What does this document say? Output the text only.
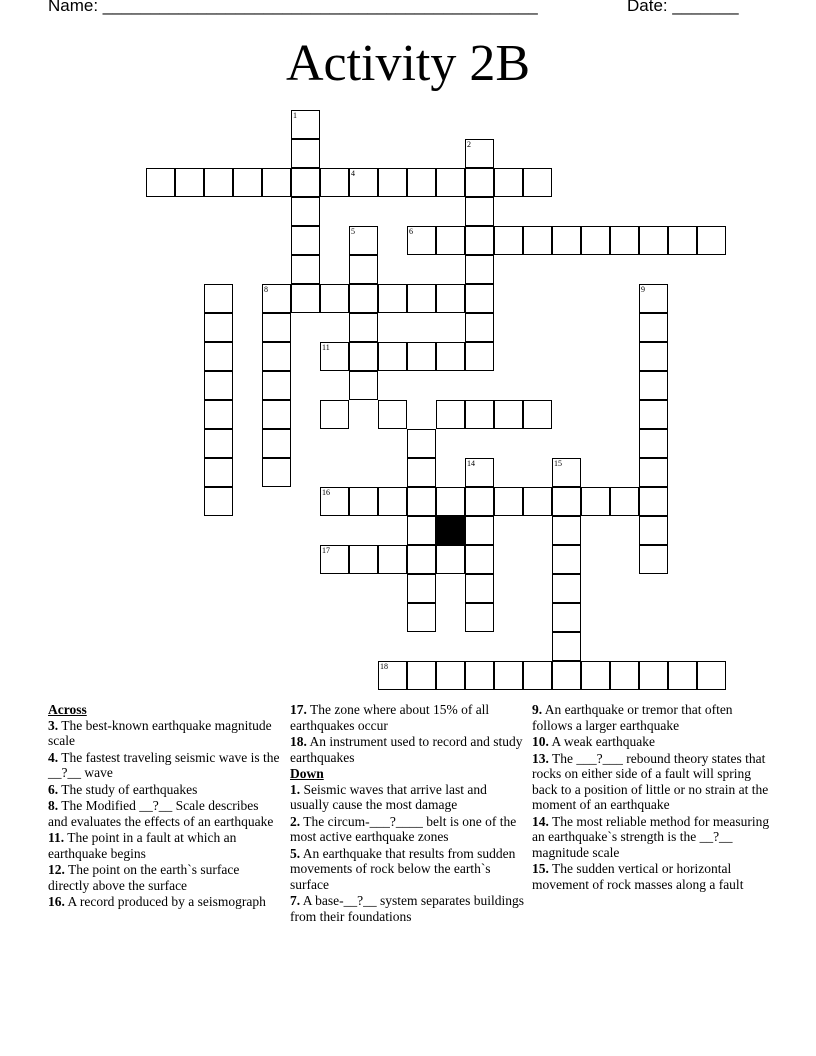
Name: ______________________________________________	Date: _______
Activity 2B
1
2
4
5	6
8	9
11
14	15
16
17
18
Across
3. The best-known earthquake magnitude scale
4. The fastest traveling seismic wave is the __?__ wave
6. The study of earthquakes
8. The Modified __?__ Scale describes and evaluates the effects of an earthquake
11. The point in a fault at which an earthquake begins
12. The point on the earth`s surface directly above the surface
16. A record produced by a seismograph
17. The zone where about 15% of all earthquakes occur
18. An instrument used to record and study earthquakes
Down
1. Seismic waves that arrive last and usually cause the most damage
2. The circum-___?____ belt is one of the most active earthquake zones
5. An earthquake that results from sudden movements of rock below the earth`s surface
7. A base-__?__ system separates buildings from their foundations
9. An earthquake or tremor that often follows a larger earthquake
10. A weak earthquake
13. The ___?___ rebound theory states that rocks on either side of a fault will spring back to a position of little or no strain at the moment of an earthquake
14. The most reliable method for measuring an earthquake`s strength is the __?__ magnitude scale
15. The sudden vertical or horizontal movement of rock masses along a fault
